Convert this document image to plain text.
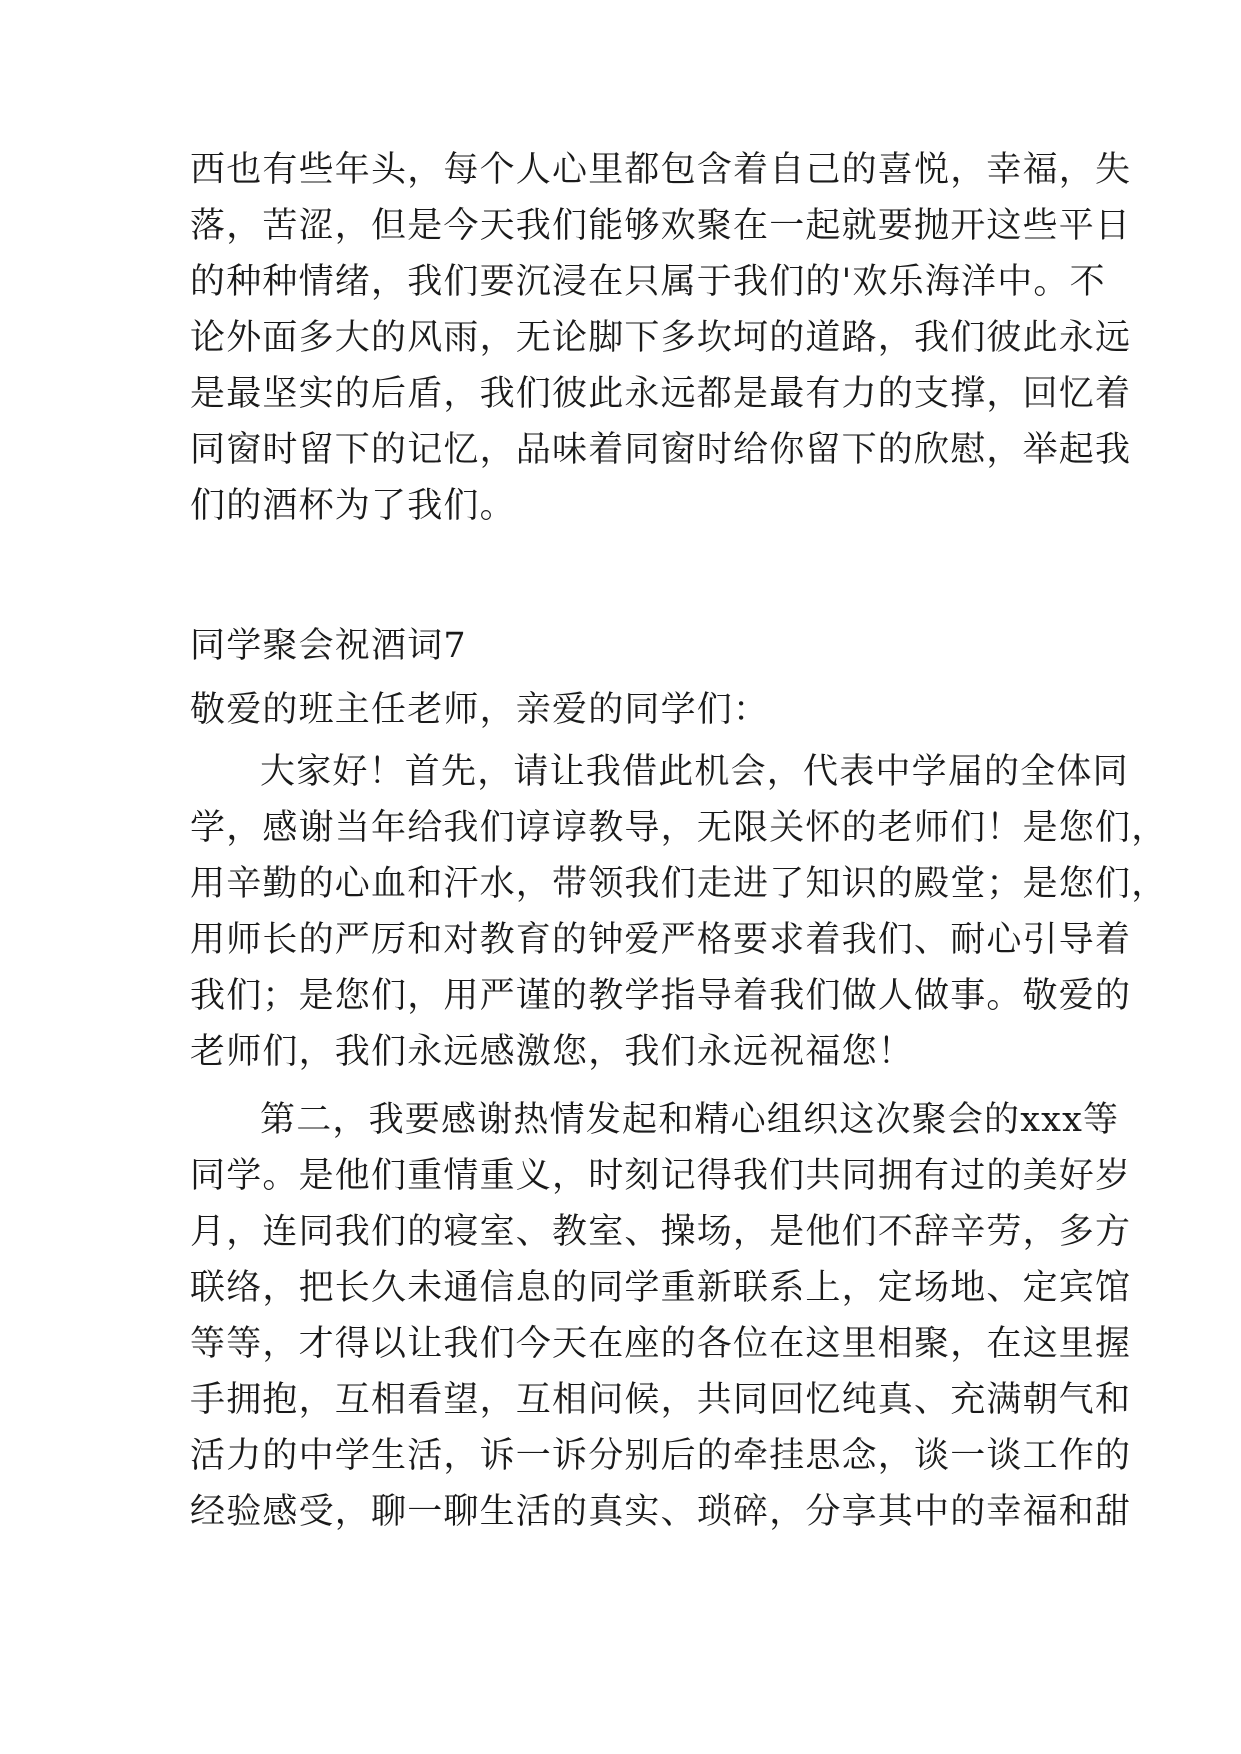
西也有些年头，每个人心里都包含着自己的喜悦，幸福，失
落，苦涩，但是今天我们能够欢聚在一起就要抛开这些平日
的种种情绪，我们要沉浸在只属于我们的'欢乐海洋中。不
论外面多大的风雨，无论脚下多坎坷的道路，我们彼此永远
是最坚实的后盾，我们彼此永远都是最有力的支撑，回忆着
同窗时留下的记忆，品味着同窗时给你留下的欣慰，举起我
们的酒杯为了我们。
同学聚会祝酒词7
敬爱的班主任老师，亲爱的同学们：
大家好！首先，请让我借此机会，代表中学届的全体同
学，感谢当年给我们谆谆教导，无限关怀的老师们！是您们，
用辛勤的心血和汗水，带领我们走进了知识的殿堂；是您们，
用师长的严厉和对教育的钟爱严格要求着我们、耐心引导着
我们；是您们，用严谨的教学指导着我们做人做事。敬爱的
老师们，我们永远感激您，我们永远祝福您！
第二，我要感谢热情发起和精心组织这次聚会的xxx等
同学。是他们重情重义，时刻记得我们共同拥有过的美好岁
月，连同我们的寝室、教室、操场，是他们不辞辛劳，多方
联络，把长久未通信息的同学重新联系上，定场地、定宾馆
等等，才得以让我们今天在座的各位在这里相聚，在这里握
手拥抱，互相看望，互相问候，共同回忆纯真、充满朝气和
活力的中学生活，诉一诉分别后的牵挂思念，谈一谈工作的
经验感受，聊一聊生活的真实、琐碎，分享其中的幸福和甜
